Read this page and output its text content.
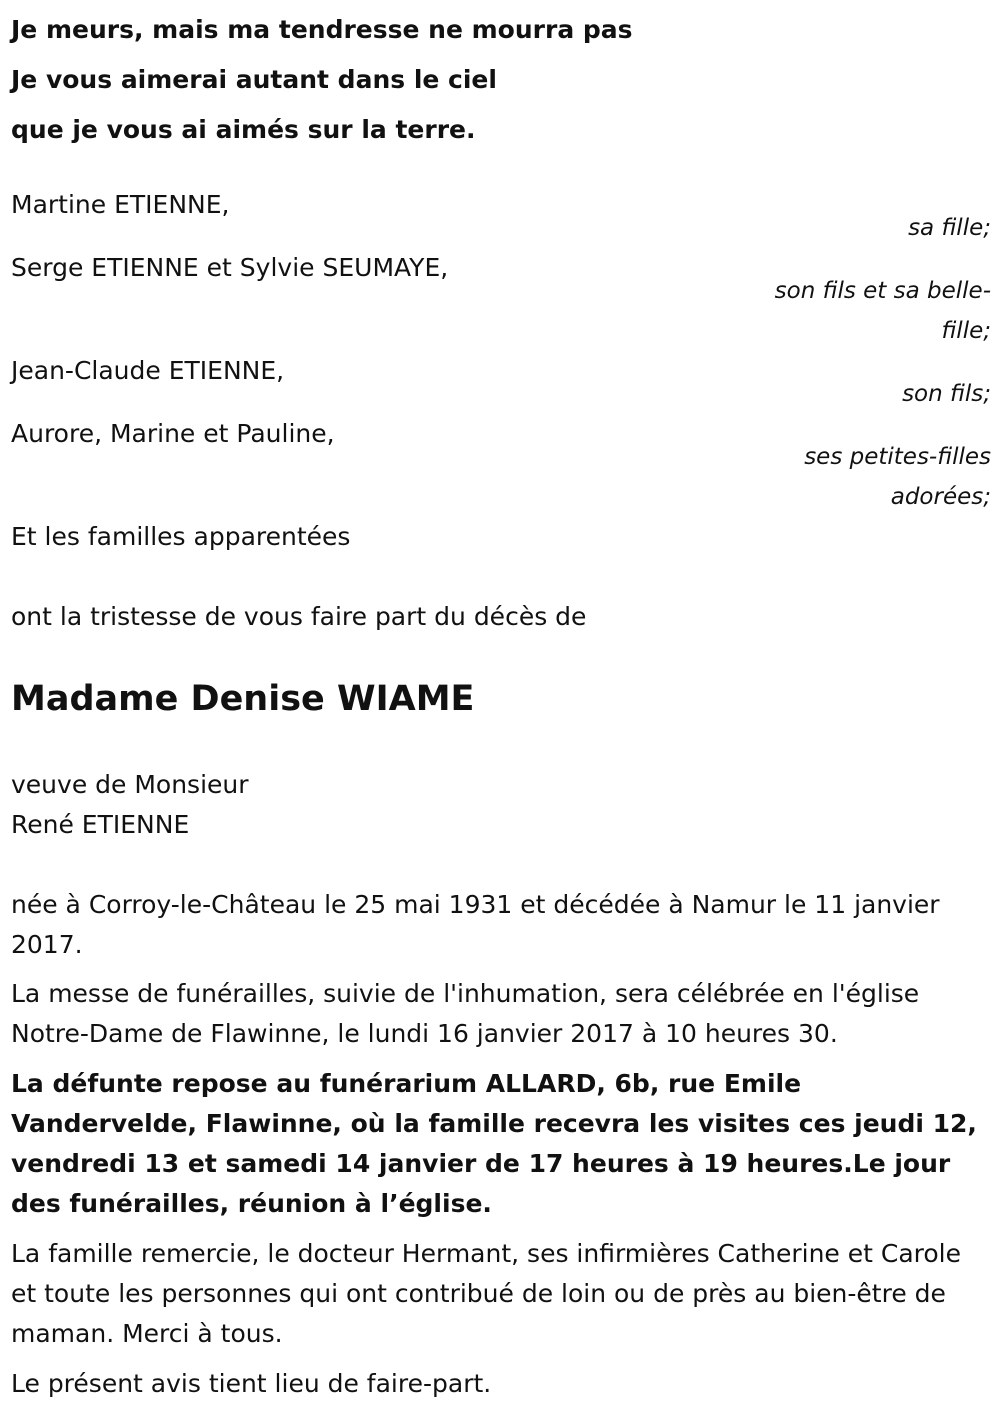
Je meurs, mais ma tendresse ne mourra pas
Je vous aimerai autant dans le ciel
que je vous ai aimés sur la terre.
Martine ETIENNE,
sa fille;
Serge ETIENNE et Sylvie SEUMAYE,
son fils et sa belle-fille;
Jean-Claude ETIENNE,
son fils;
Aurore, Marine et Pauline,
ses petites-filles adorées;

Et les familles apparentées

ont la tristesse de vous faire part du décès de

Madame Denise WIAME

veuve de Monsieur
René ETIENNE

née à Corroy-le-Château le 25 mai 1931 et décédée à Namur le 11 janvier 2017.

La messe de funérailles, suivie de l'inhumation, sera célébrée en l'église Notre-Dame de Flawinne, le lundi 16 janvier 2017 à 10 heures 30.

La défunte repose au funérarium ALLARD, 6b, rue Emile Vandervelde, Flawinne, où la famille recevra les visites ces jeudi 12, vendredi 13 et samedi 14 janvier de 17 heures à 19 heures.Le jour des funérailles, réunion à l’église.

La famille remercie, le docteur Hermant, ses infirmières Catherine et Carole et toute les personnes qui ont contribué de loin ou de près au bien-être de maman. Merci à tous.

Le présent avis tient lieu de faire-part.
